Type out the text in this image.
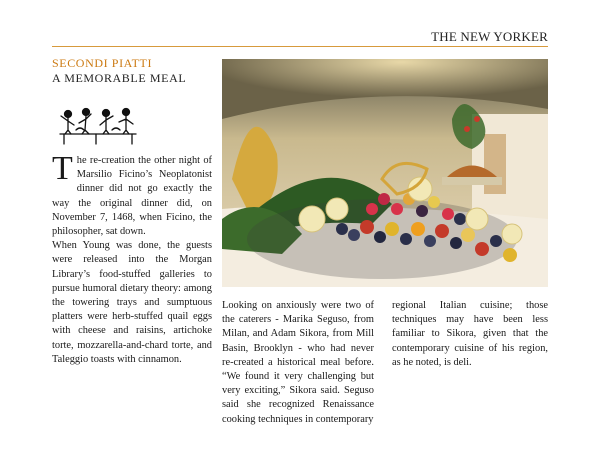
THE NEW YORKER
SECONDI PIATTI
A MEMORABLE MEAL

The re-creation the other night of Marsilio Ficino’s Neoplatonist dinner did not go exactly the way the original dinner did, on November 7, 1468, when Ficino, the philosopher, sat down.

When Young was done, the guests were released into the Morgan Library’s food-stuffed galleries to pursue humoral dietary theory: among the towering trays and sumptuous platters were herb-stuffed quail eggs with cheese and raisins, artichoke torte, mozzarella-and-chard torte, and Taleggio toasts with cinnamon.

Looking on anxiously were two of the caterers - Marika Seguso, from Milan, and Adam Sikora, from Mill Basin, Brooklyn - who had never re-created a historical meal before. “We found it very challenging but very exciting,” Sikora said. Seguso said she recognized Renaissance cooking techniques in contemporary

regional Italian cuisine; those techniques may have been less familiar to Sikora, given that the contemporary cuisine of his region, as he noted, is deli.
